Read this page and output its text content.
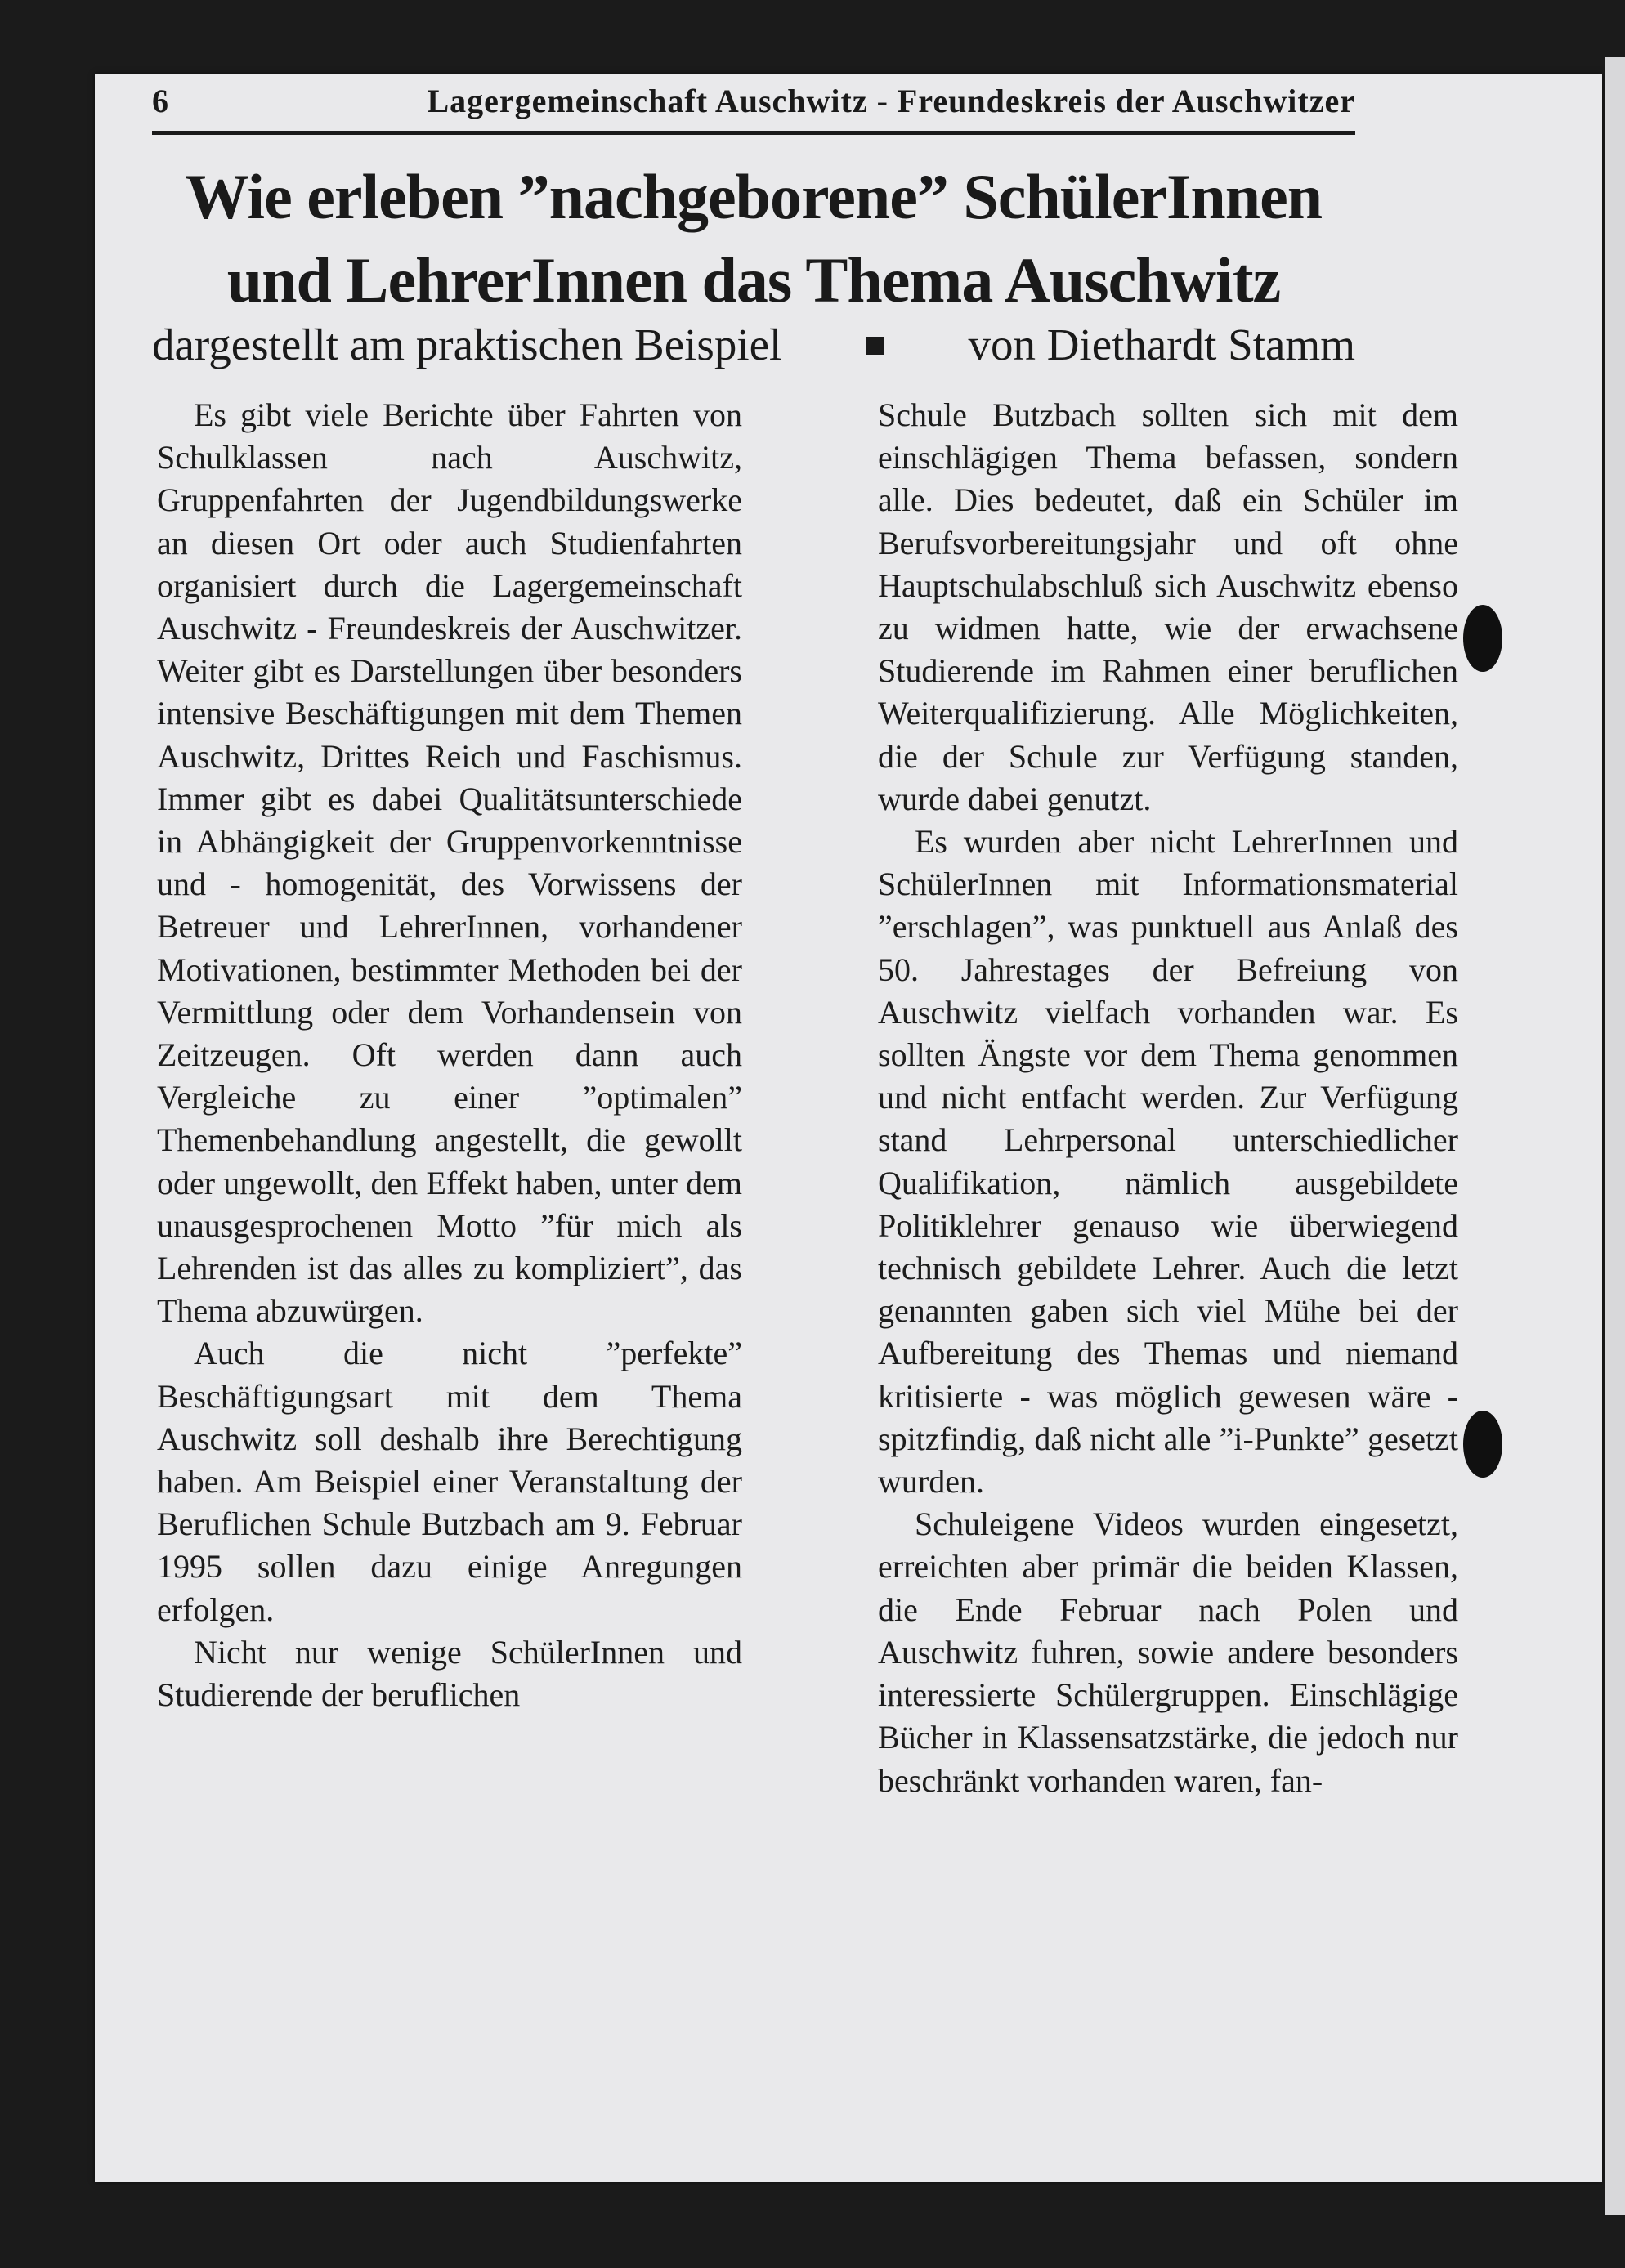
6	Lagergemeinschaft Auschwitz - Freundeskreis der Auschwitzer
Wie erleben ”nachgeborene” SchülerInnen
und LehrerInnen das Thema Auschwitz
dargestellt am praktischen Beispiel	von Diethardt Stamm

Es gibt viele Berichte über Fahrten von Schulklassen nach Auschwitz, Gruppenfahrten der Jugendbildungswerke an diesen Ort oder auch Studienfahrten organisiert durch die Lagergemeinschaft Auschwitz - Freundeskreis der Auschwitzer. Weiter gibt es Darstellungen über besonders intensive Beschäftigungen mit dem Themen Auschwitz, Drittes Reich und Faschismus. Immer gibt es dabei Qualitätsunterschiede in Abhängigkeit der Gruppenvorkenntnisse und - homogenität, des Vorwissens der Betreuer und LehrerInnen, vorhandener Motivationen, bestimmter Methoden bei der Vermittlung oder dem Vorhandensein von Zeitzeugen. Oft werden dann auch Vergleiche zu einer ”optimalen” Themenbehandlung angestellt, die gewollt oder ungewollt, den Effekt haben, unter dem unausgesprochenen Motto ”für mich als Lehrenden ist das alles zu kompliziert”, das Thema abzuwürgen.

Auch die nicht ”perfekte” Beschäftigungsart mit dem Thema Auschwitz soll deshalb ihre Berechtigung haben. Am Beispiel einer Veranstaltung der Beruflichen Schule Butzbach am 9. Februar 1995 sollen dazu einige Anregungen erfolgen.

Nicht nur wenige SchülerInnen und Studierende der beruflichen

Schule Butzbach sollten sich mit dem einschlägigen Thema befassen, sondern alle. Dies bedeutet, daß ein Schüler im Berufsvorbereitungsjahr und oft ohne Hauptschulabschluß sich Auschwitz ebenso zu widmen hatte, wie der erwachsene Studierende im Rahmen einer beruflichen Weiterqualifizierung. Alle Möglichkeiten, die der Schule zur Verfügung standen, wurde dabei genutzt.

Es wurden aber nicht LehrerInnen und SchülerInnen mit Informationsmaterial ”erschlagen”, was punktuell aus Anlaß des 50. Jahrestages der Befreiung von Auschwitz vielfach vorhanden war. Es sollten Ängste vor dem Thema genommen und nicht entfacht werden. Zur Verfügung stand Lehrpersonal unterschiedlicher Qualifikation, nämlich ausgebildete Politiklehrer genauso wie überwiegend technisch gebildete Lehrer. Auch die letzt genannten gaben sich viel Mühe bei der Aufbereitung des Themas und niemand kritisierte - was möglich gewesen wäre - spitzfindig, daß nicht alle ”i-Punkte” gesetzt wurden.

Schuleigene Videos wurden eingesetzt, erreichten aber primär die beiden Klassen, die Ende Februar nach Polen und Auschwitz fuhren, sowie andere besonders interessierte Schülergruppen. Einschlägige Bücher in Klassensatzstärke, die jedoch nur beschränkt vorhanden waren, fan-
